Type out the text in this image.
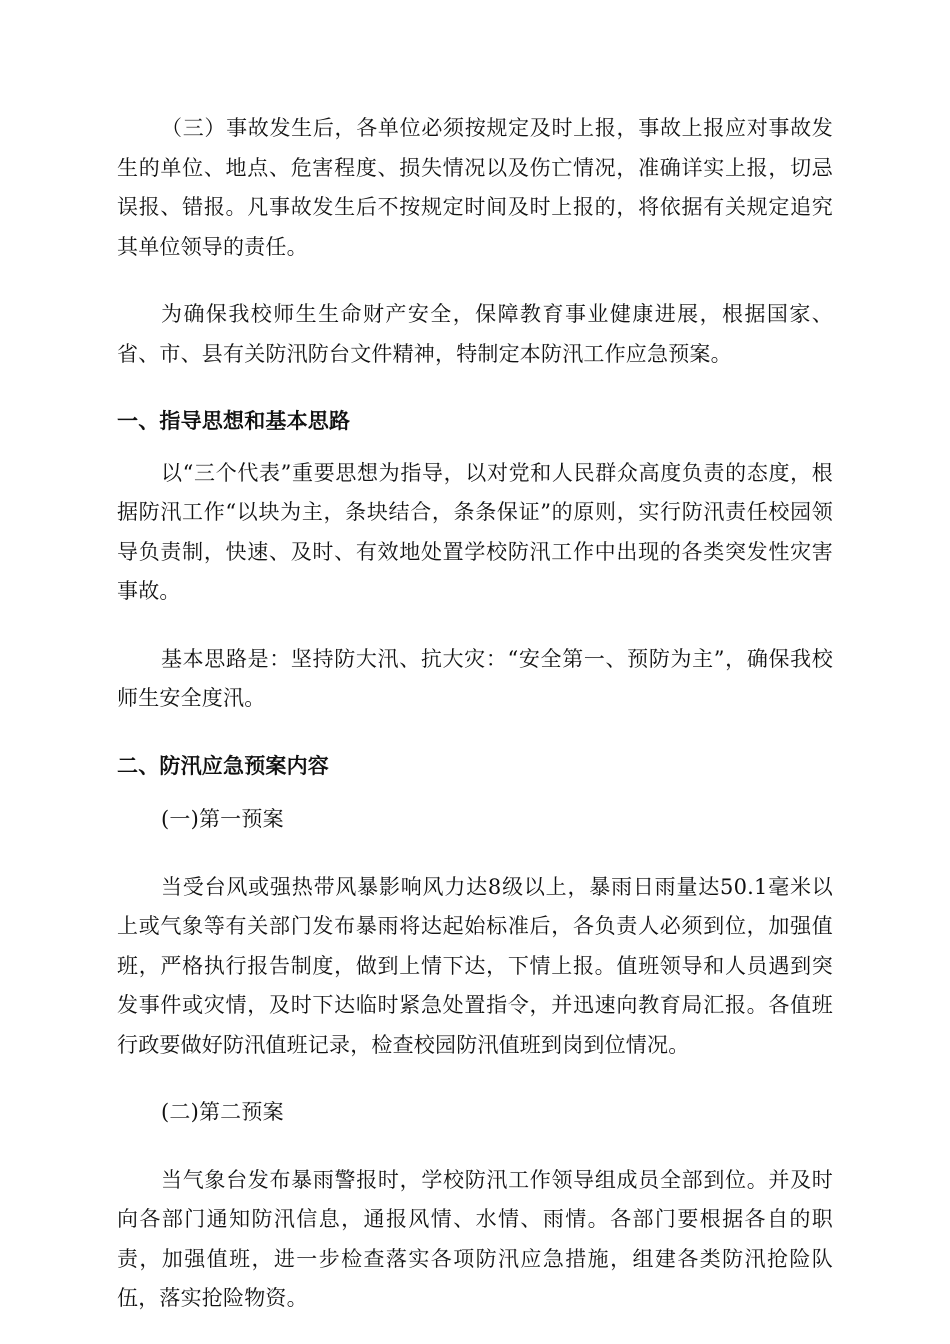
（三）事故发生后，各单位必须按规定及时上报，事故上报应对事故发生的单位、地点、危害程度、损失情况以及伤亡情况，准确详实上报，切忌误报、错报。凡事故发生后不按规定时间及时上报的，将依据有关规定追究其单位领导的责任。

为确保我校师生生命财产安全，保障教育事业健康进展，根据国家、省、市、县有关防汛防台文件精神，特制定本防汛工作应急预案。

一、指导思想和基本思路

以“三个代表”重要思想为指导，以对党和人民群众高度负责的态度，根据防汛工作“以块为主，条块结合，条条保证”的原则，实行防汛责任校园领导负责制，快速、及时、有效地处置学校防汛工作中出现的各类突发性灾害事故。

基本思路是：坚持防大汛、抗大灾：“安全第一、预防为主”，确保我校师生安全度汛。

二、防汛应急预案内容

(一)第一预案

当受台风或强热带风暴影响风力达8级以上，暴雨日雨量达50.1毫米以上或气象等有关部门发布暴雨将达起始标准后，各负责人必须到位，加强值班，严格执行报告制度，做到上情下达，下情上报。值班领导和人员遇到突发事件或灾情，及时下达临时紧急处置指令，并迅速向教育局汇报。各值班行政要做好防汛值班记录，检查校园防汛值班到岗到位情况。

(二)第二预案

当气象台发布暴雨警报时，学校防汛工作领导组成员全部到位。并及时向各部门通知防汛信息，通报风情、水情、雨情。各部门要根据各自的职责，加强值班，进一步检查落实各项防汛应急措施，组建各类防汛抢险队伍，落实抢险物资。
